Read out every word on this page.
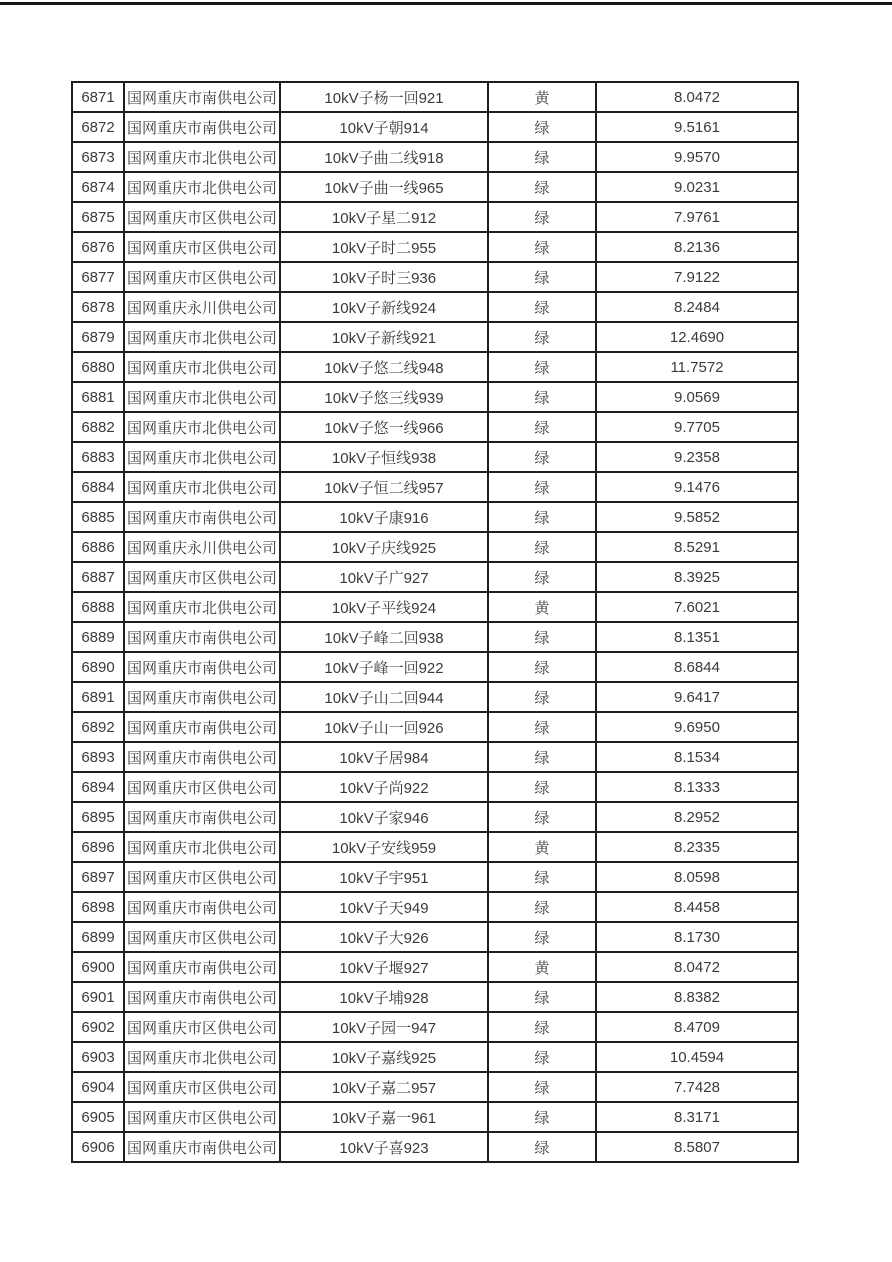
6871	国网重庆市南供电公司	10kV子杨一回921	黄	8.0472
6872	国网重庆市南供电公司	10kV子朝914	绿	9.5161
6873	国网重庆市北供电公司	10kV子曲二线918	绿	9.9570
6874	国网重庆市北供电公司	10kV子曲一线965	绿	9.0231
6875	国网重庆市区供电公司	10kV子星二912	绿	7.9761
6876	国网重庆市区供电公司	10kV子时二955	绿	8.2136
6877	国网重庆市区供电公司	10kV子时三936	绿	7.9122
6878	国网重庆永川供电公司	10kV子新线924	绿	8.2484
6879	国网重庆市北供电公司	10kV子新线921	绿	12.4690
6880	国网重庆市北供电公司	10kV子悠二线948	绿	11.7572
6881	国网重庆市北供电公司	10kV子悠三线939	绿	9.0569
6882	国网重庆市北供电公司	10kV子悠一线966	绿	9.7705
6883	国网重庆市北供电公司	10kV子恒线938	绿	9.2358
6884	国网重庆市北供电公司	10kV子恒二线957	绿	9.1476
6885	国网重庆市南供电公司	10kV子康916	绿	9.5852
6886	国网重庆永川供电公司	10kV子庆线925	绿	8.5291
6887	国网重庆市区供电公司	10kV子广927	绿	8.3925
6888	国网重庆市北供电公司	10kV子平线924	黄	7.6021
6889	国网重庆市南供电公司	10kV子峰二回938	绿	8.1351
6890	国网重庆市南供电公司	10kV子峰一回922	绿	8.6844
6891	国网重庆市南供电公司	10kV子山二回944	绿	9.6417
6892	国网重庆市南供电公司	10kV子山一回926	绿	9.6950
6893	国网重庆市南供电公司	10kV子居984	绿	8.1534
6894	国网重庆市区供电公司	10kV子尚922	绿	8.1333
6895	国网重庆市南供电公司	10kV子家946	绿	8.2952
6896	国网重庆市北供电公司	10kV子安线959	黄	8.2335
6897	国网重庆市区供电公司	10kV子宇951	绿	8.0598
6898	国网重庆市南供电公司	10kV子天949	绿	8.4458
6899	国网重庆市区供电公司	10kV子大926	绿	8.1730
6900	国网重庆市南供电公司	10kV子堰927	黄	8.0472
6901	国网重庆市南供电公司	10kV子埔928	绿	8.8382
6902	国网重庆市区供电公司	10kV子园一947	绿	8.4709
6903	国网重庆市北供电公司	10kV子嘉线925	绿	10.4594
6904	国网重庆市区供电公司	10kV子嘉二957	绿	7.7428
6905	国网重庆市区供电公司	10kV子嘉一961	绿	8.3171
6906	国网重庆市南供电公司	10kV子喜923	绿	8.5807
